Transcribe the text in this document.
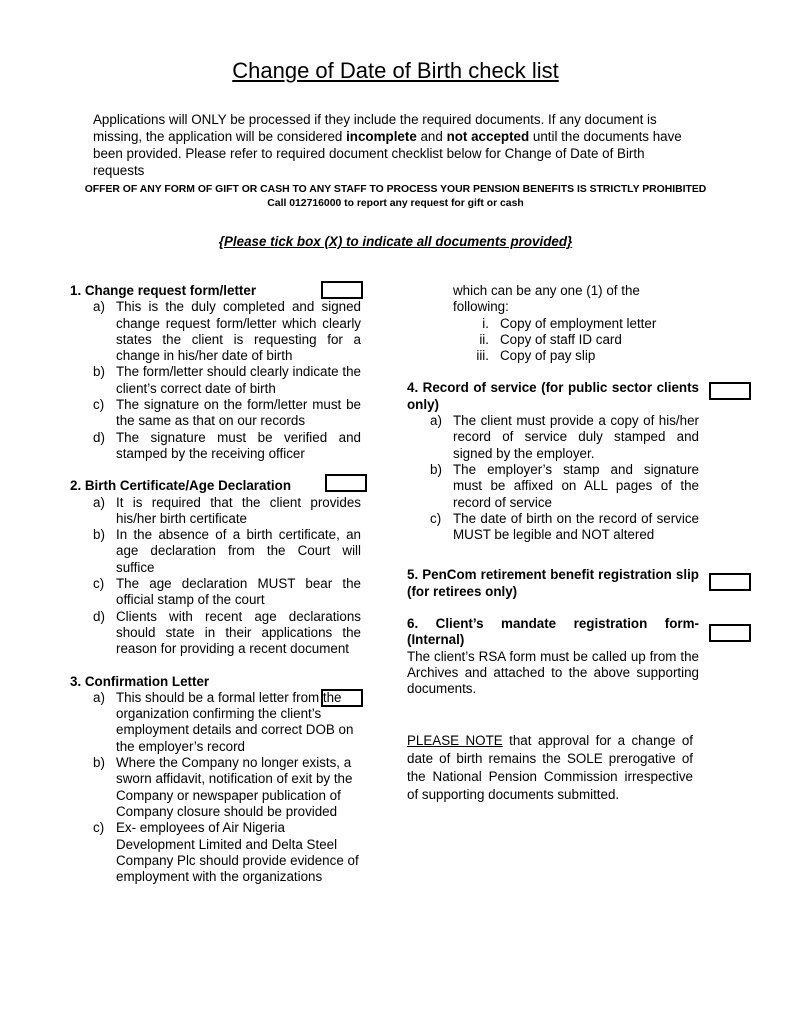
Change of Date of Birth check list
Applications will ONLY be processed if they include the required documents. If any document is missing, the application will be considered incomplete and not accepted until the documents have been provided. Please refer to required document checklist below for Change of Date of Birth requests
OFFER OF ANY FORM OF GIFT OR CASH TO ANY STAFF TO PROCESS YOUR PENSION BENEFITS IS STRICTLY PROHIBITED
Call 012716000 to report any request for gift or cash
{Please tick box (X) to indicate all documents provided}
1. Change request form/letter
a) This is the duly completed and signed change request form/letter which clearly states the client is requesting for a change in his/her date of birth
b) The form/letter should clearly indicate the client’s correct date of birth
c) The signature on the form/letter must be the same as that on our records
d) The signature must be verified and stamped by the receiving officer
2. Birth Certificate/Age Declaration
a) It is required that the client provides his/her birth certificate
b) In the absence of a birth certificate, an age declaration from the Court will suffice
c) The age declaration MUST bear the official stamp of the court
d) Clients with recent age declarations should state in their applications the reason for providing a recent document
3. Confirmation Letter
a) This should be a formal letter from the organization confirming the client’s employment details and correct DOB on the employer’s record
b) Where the Company no longer exists, a sworn affidavit, notification of exit by the Company or newspaper publication of Company closure should be provided
c) Ex- employees of Air Nigeria Development Limited and Delta Steel Company Plc should provide evidence of employment with the organizations
which can be any one (1) of the following:
i. Copy of employment letter
ii. Copy of staff ID card
iii. Copy of pay slip
4. Record of service (for public sector clients only)
a) The client must provide a copy of his/her record of service duly stamped and signed by the employer.
b) The employer’s stamp and signature must be affixed on ALL pages of the record of service
c) The date of birth on the record of service MUST be legible and NOT altered
5. PenCom retirement benefit registration slip (for retirees only)
6. Client’s mandate registration form- (Internal)
The client’s RSA form must be called up from the Archives and attached to the above supporting documents.
PLEASE NOTE that approval for a change of date of birth remains the SOLE prerogative of the National Pension Commission irrespective of supporting documents submitted.
